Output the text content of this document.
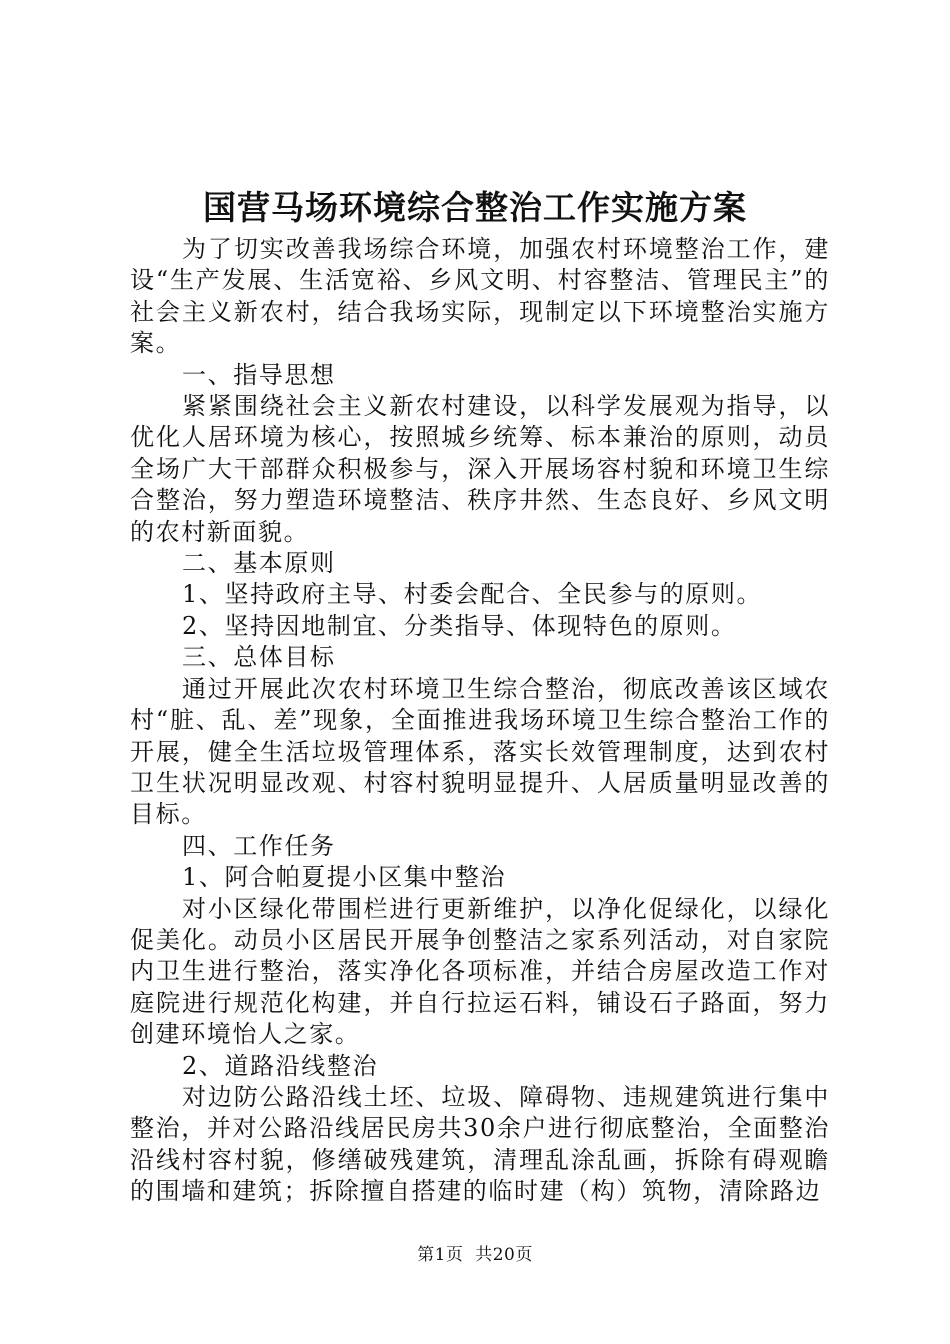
国营马场环境综合整治工作实施方案

为了切实改善我场综合环境，加强农村环境整治工作，建设“生产发展、生活宽裕、乡风文明、村容整洁、管理民主”的社会主义新农村，结合我场实际，现制定以下环境整治实施方案。

一、指导思想

紧紧围绕社会主义新农村建设，以科学发展观为指导，以优化人居环境为核心，按照城乡统筹、标本兼治的原则，动员全场广大干部群众积极参与，深入开展场容村貌和环境卫生综合整治，努力塑造环境整洁、秩序井然、生态良好、乡风文明的农村新面貌。

二、基本原则

1、坚持政府主导、村委会配合、全民参与的原则。

2、坚持因地制宜、分类指导、体现特色的原则。

三、总体目标

通过开展此次农村环境卫生综合整治，彻底改善该区域农村“脏、乱、差”现象，全面推进我场环境卫生综合整治工作的开展，健全生活垃圾管理体系，落实长效管理制度，达到农村卫生状况明显改观、村容村貌明显提升、人居质量明显改善的目标。

四、工作任务

1、阿合帕夏提小区集中整治

对小区绿化带围栏进行更新维护，以净化促绿化，以绿化促美化。动员小区居民开展争创整洁之家系列活动，对自家院内卫生进行整治，落实净化各项标准，并结合房屋改造工作对庭院进行规范化构建，并自行拉运石料，铺设石子路面，努力创建环境怡人之家。

2、道路沿线整治

对边防公路沿线土坯、垃圾、障碍物、违规建筑进行集中整治，并对公路沿线居民房共30余户进行彻底整治，全面整治沿线村容村貌，修缮破残建筑，清理乱涂乱画，拆除有碍观瞻的围墙和建筑；拆除擅自搭建的临时建（构）筑物，清除路边

第1页  共20页
